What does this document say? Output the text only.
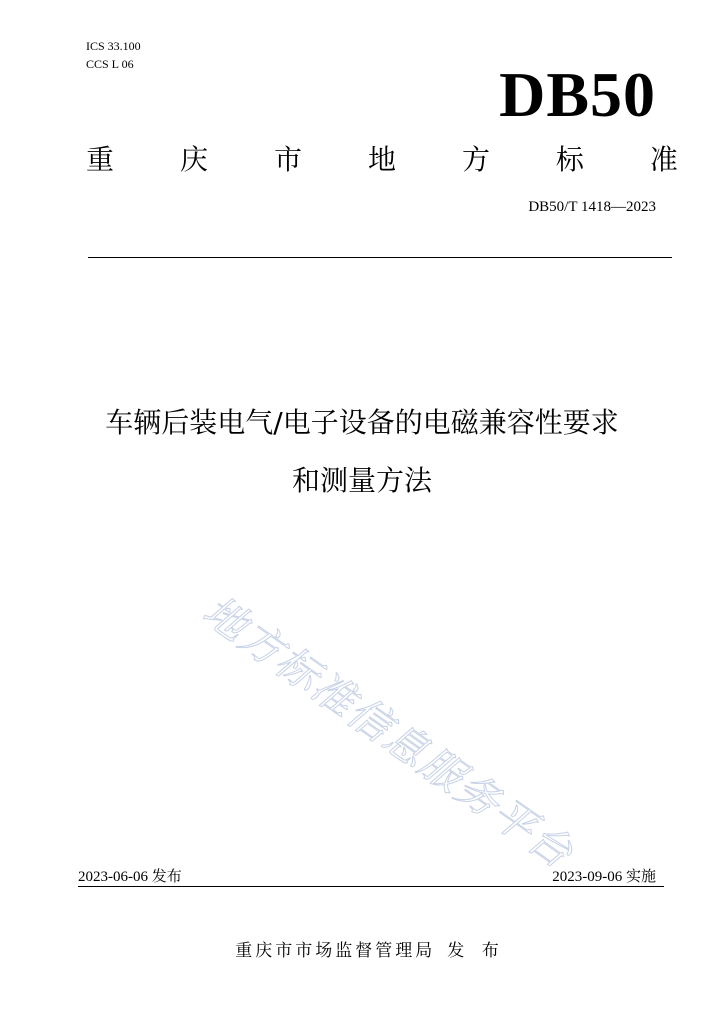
ICS 33.100
CCS L 06	DB50
重 庆 市 地 方 标 准
DB50/T 1418—2023
车辆后装电气/电子设备的电磁兼容性要求
和测量方法
地方标准信息服务平台
2023-06-06 发布	2023-09-06 实施
重庆市市场监督管理局 发 布
